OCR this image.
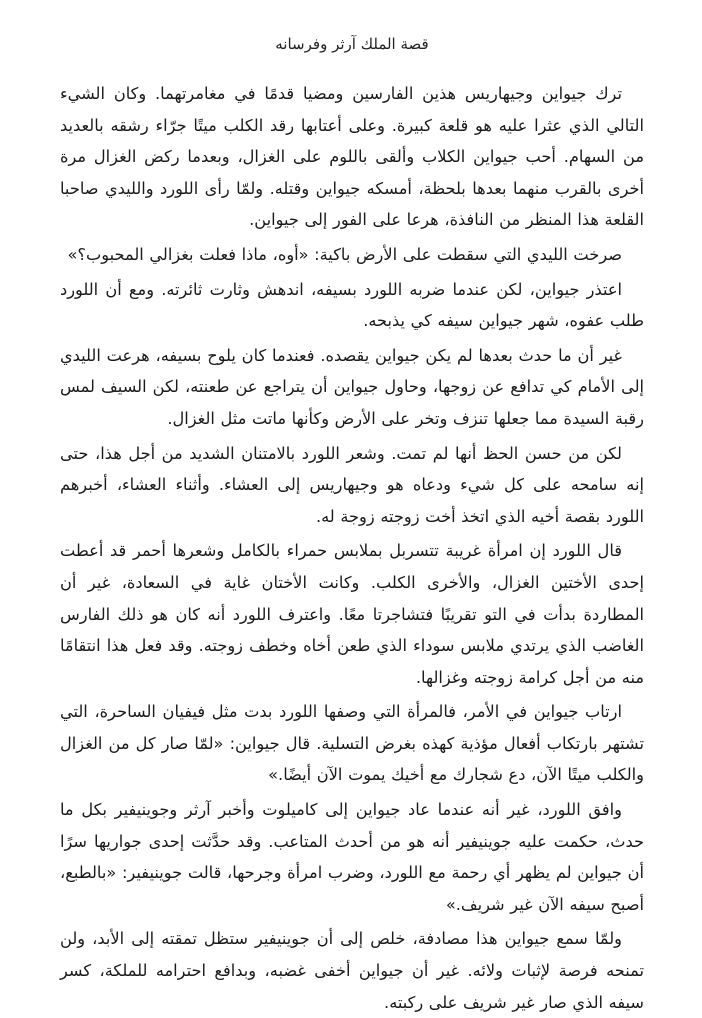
قصة الملك آرثر وفرسانه

ترك جيواين وجيهاريس هذين الفارسين ومضيا قدمًا في مغامرتهما. وكان الشيء التالي الذي عثرا عليه هو قلعة كبيرة. وعلى أعتابها رقد الكلب ميتًا جرّاء رشقه بالعديد من السهام. أحب جيواين الكلاب وألقى باللوم على الغزال، وبعدما ركض الغزال مرة أخرى بالقرب منهما بعدها بلحظة، أمسكه جيواين وقتله. ولمّا رأى اللورد والليدي صاحبا القلعة هذا المنظر من النافذة، هرعا على الفور إلى جيواين.

صرخت الليدي التي سقطت على الأرض باكية: «أوه، ماذا فعلت بغزالي المحبوب؟»

اعتذر جيواين، لكن عندما ضربه اللورد بسيفه، اندهش وثارت ثائرته. ومع أن اللورد طلب عفوه، شهر جيواين سيفه كي يذبحه.

غير أن ما حدث بعدها لم يكن جيواين يقصده. فعندما كان يلوح بسيفه، هرعت الليدي إلى الأمام كي تدافع عن زوجها، وحاول جيواين أن يتراجع عن طعنته، لكن السيف لمس رقبة السيدة مما جعلها تنزف وتخر على الأرض وكأنها ماتت مثل الغزال.

لكن من حسن الحظ أنها لم تمت. وشعر اللورد بالامتنان الشديد من أجل هذا، حتى إنه سامحه على كل شيء ودعاه هو وجيهاريس إلى العشاء. وأثناء العشاء، أخبرهم اللورد بقصة أخيه الذي اتخذ أخت زوجته زوجة له.

قال اللورد إن امرأة غريبة تتسربل بملابس حمراء بالكامل وشعرها أحمر قد أعطت إحدى الأختين الغزال، والأخرى الكلب. وكانت الأختان غاية في السعادة، غير أن المطاردة بدأت في التو تقريبًا فتشاجرتا معًا. واعترف اللورد أنه كان هو ذلك الفارس الغاضب الذي يرتدي ملابس سوداء الذي طعن أخاه وخطف زوجته. وقد فعل هذا انتقامًا منه من أجل كرامة زوجته وغزالها.

ارتاب جيواين في الأمر، فالمرأة التي وصفها اللورد بدت مثل فيفيان الساحرة، التي تشتهر بارتكاب أفعال مؤذية كهذه بغرض التسلية. قال جيواين: «لمّا صار كل من الغزال والكلب ميتًا الآن، دع شجارك مع أخيك يموت الآن أيضًا.»

وافق اللورد، غير أنه عندما عاد جيواين إلى كاميلوت وأخبر آرثر وجوينيفير بكل ما حدث، حكمت عليه جوينيفير أنه هو من أحدث المتاعب. وقد حدَّثت إحدى جواريها سرًا أن جيواين لم يظهر أي رحمة مع اللورد، وضرب امرأة وجرحها، قالت جوينيفير: «بالطبع، أصبح سيفه الآن غير شريف.»

ولمّا سمع جيواين هذا مصادفة، خلص إلى أن جوينيفير ستظل تمقته إلى الأبد، ولن تمنحه فرصة لإثبات ولائه. غير أن جيواين أخفى غضبه، وبدافع احترامه للملكة، كسر سيفه الذي صار غير شريف على ركبته.
